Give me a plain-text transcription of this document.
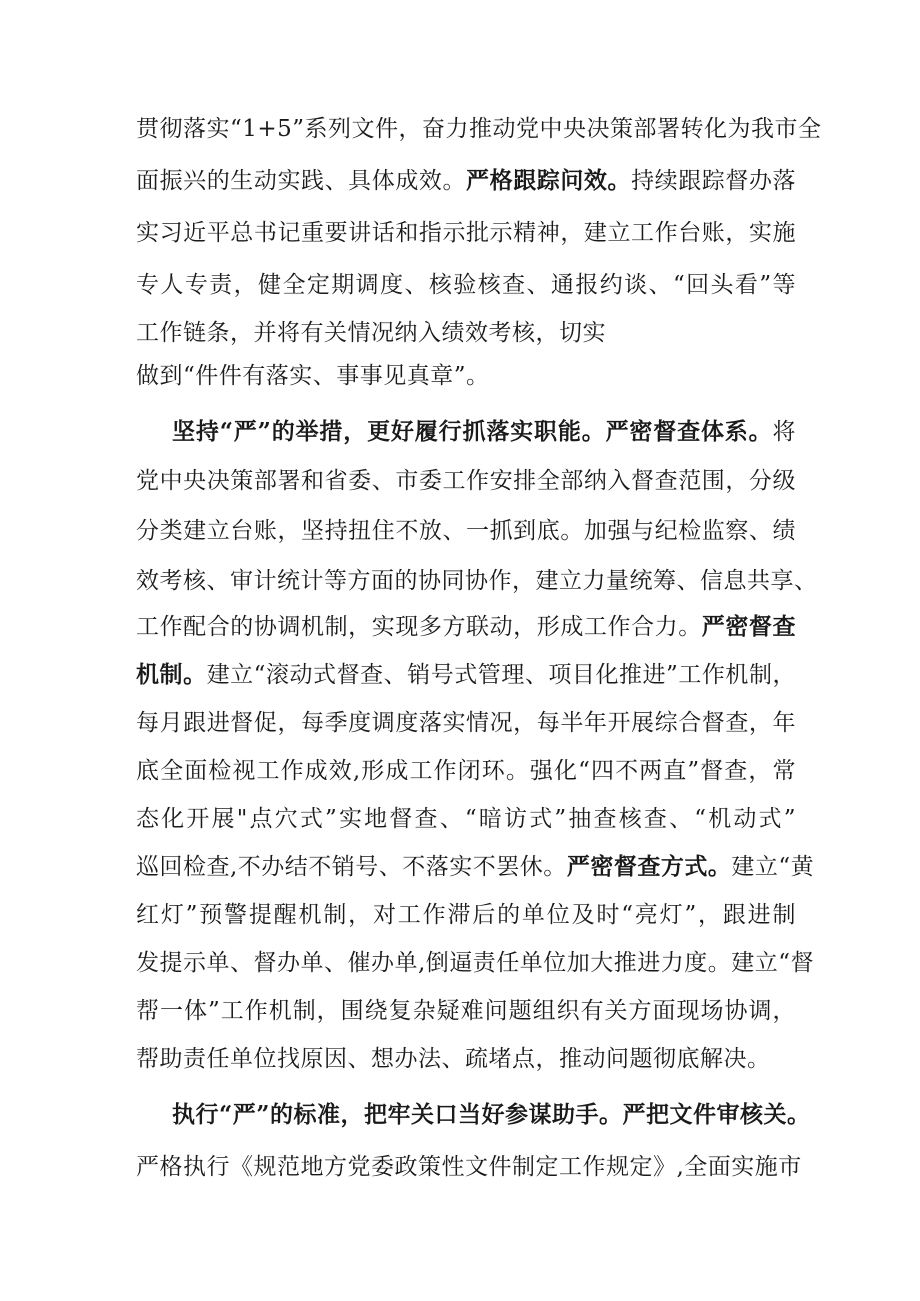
贯彻落实“1+5”系列文件，奋力推动党中央决策部署转化为我市全
面振兴的生动实践、具体成效。严格跟踪问效。持续跟踪督办落
实习近平总书记重要讲话和指示批示精神，建立工作台账，实施
专人专责，健全定期调度、核验核查、通报约谈、“回头看”等
工作链条，并将有关情况纳入绩效考核，切实
做到“件件有落实、事事见真章”。
坚持“严”的举措，更好履行抓落实职能。严密督查体系。将
党中央决策部署和省委、市委工作安排全部纳入督查范围，分级
分类建立台账，坚持扭住不放、一抓到底。加强与纪检监察、绩
效考核、审计统计等方面的协同协作，建立力量统筹、信息共享、
工作配合的协调机制，实现多方联动，形成工作合力。严密督查
机制。建立“滚动式督查、销号式管理、项目化推进”工作机制，
每月跟进督促，每季度调度落实情况，每半年开展综合督查，年
底全面检视工作成效,形成工作闭环。强化“四不两直”督查，常
态化开展"点穴式”实地督查、“暗访式”抽查核查、“机动式”
巡回检查,不办结不销号、不落实不罢休。严密督查方式。建立“黄
红灯”预警提醒机制，对工作滞后的单位及时“亮灯”，跟进制
发提示单、督办单、催办单,倒逼责任单位加大推进力度。建立“督
帮一体”工作机制，围绕复杂疑难问题组织有关方面现场协调，
帮助责任单位找原因、想办法、疏堵点，推动问题彻底解决。
执行“严”的标准，把牢关口当好参谋助手。严把文件审核关。
严格执行《规范地方党委政策性文件制定工作规定》,全面实施市
